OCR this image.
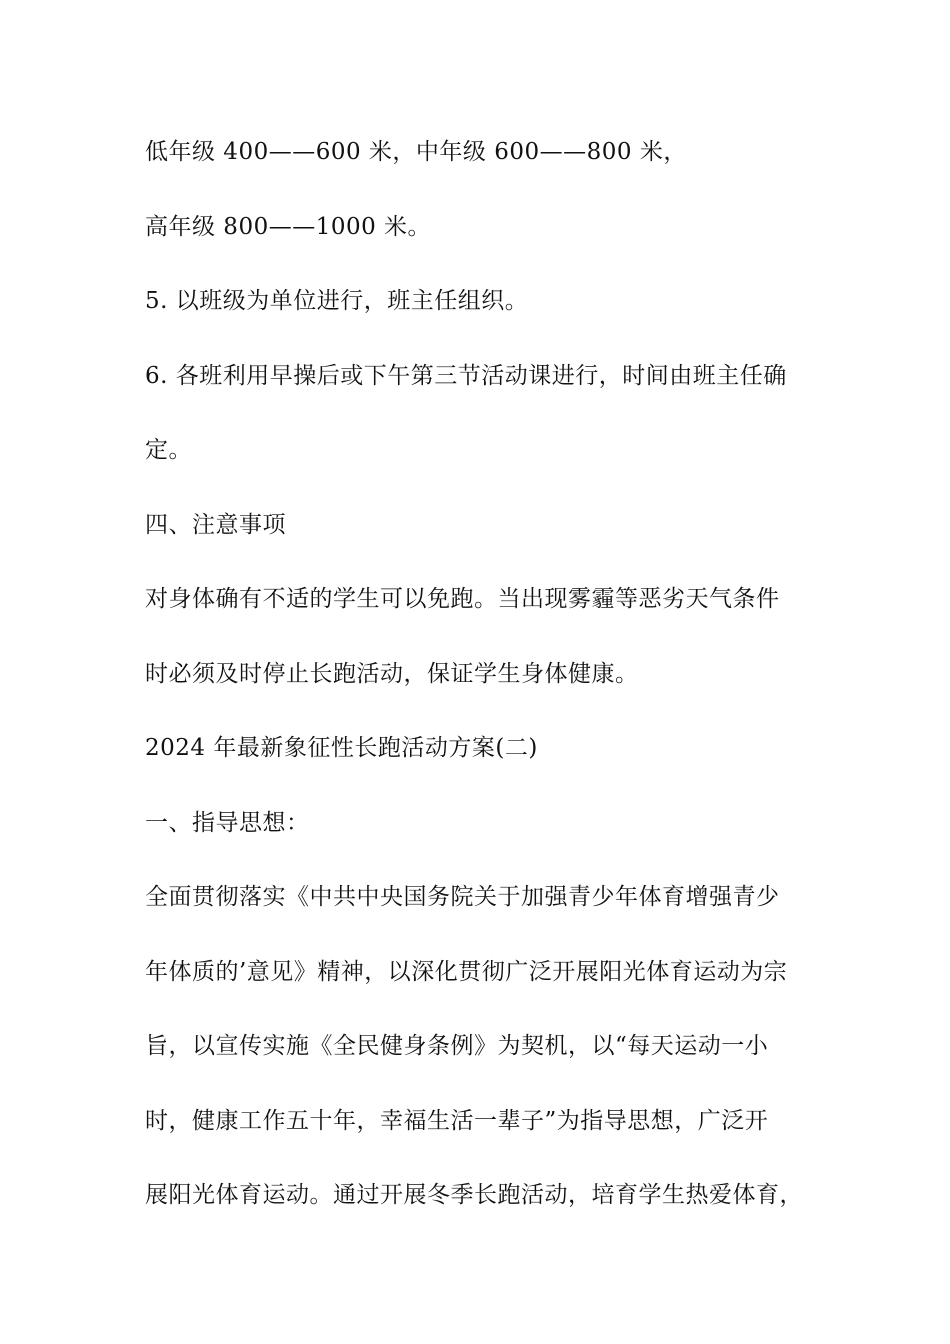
低年级 400——600 米，中年级 600——800 米，
高年级 800——1000 米。
5. 以班级为单位进行，班主任组织。
6. 各班利用早操后或下午第三节活动课进行，时间由班主任确
定。
四、注意事项
对身体确有不适的学生可以免跑。当出现雾霾等恶劣天气条件
时必须及时停止长跑活动，保证学生身体健康。
2024 年最新象征性长跑活动方案(二)
一、指导思想：
全面贯彻落实《中共中央国务院关于加强青少年体育增强青少
年体质的’意见》精神，以深化贯彻广泛开展阳光体育运动为宗
旨，以宣传实施《全民健身条例》为契机，以“每天运动一小
时，健康工作五十年，幸福生活一辈子”为指导思想，广泛开
展阳光体育运动。通过开展冬季长跑活动，培育学生热爱体育，
